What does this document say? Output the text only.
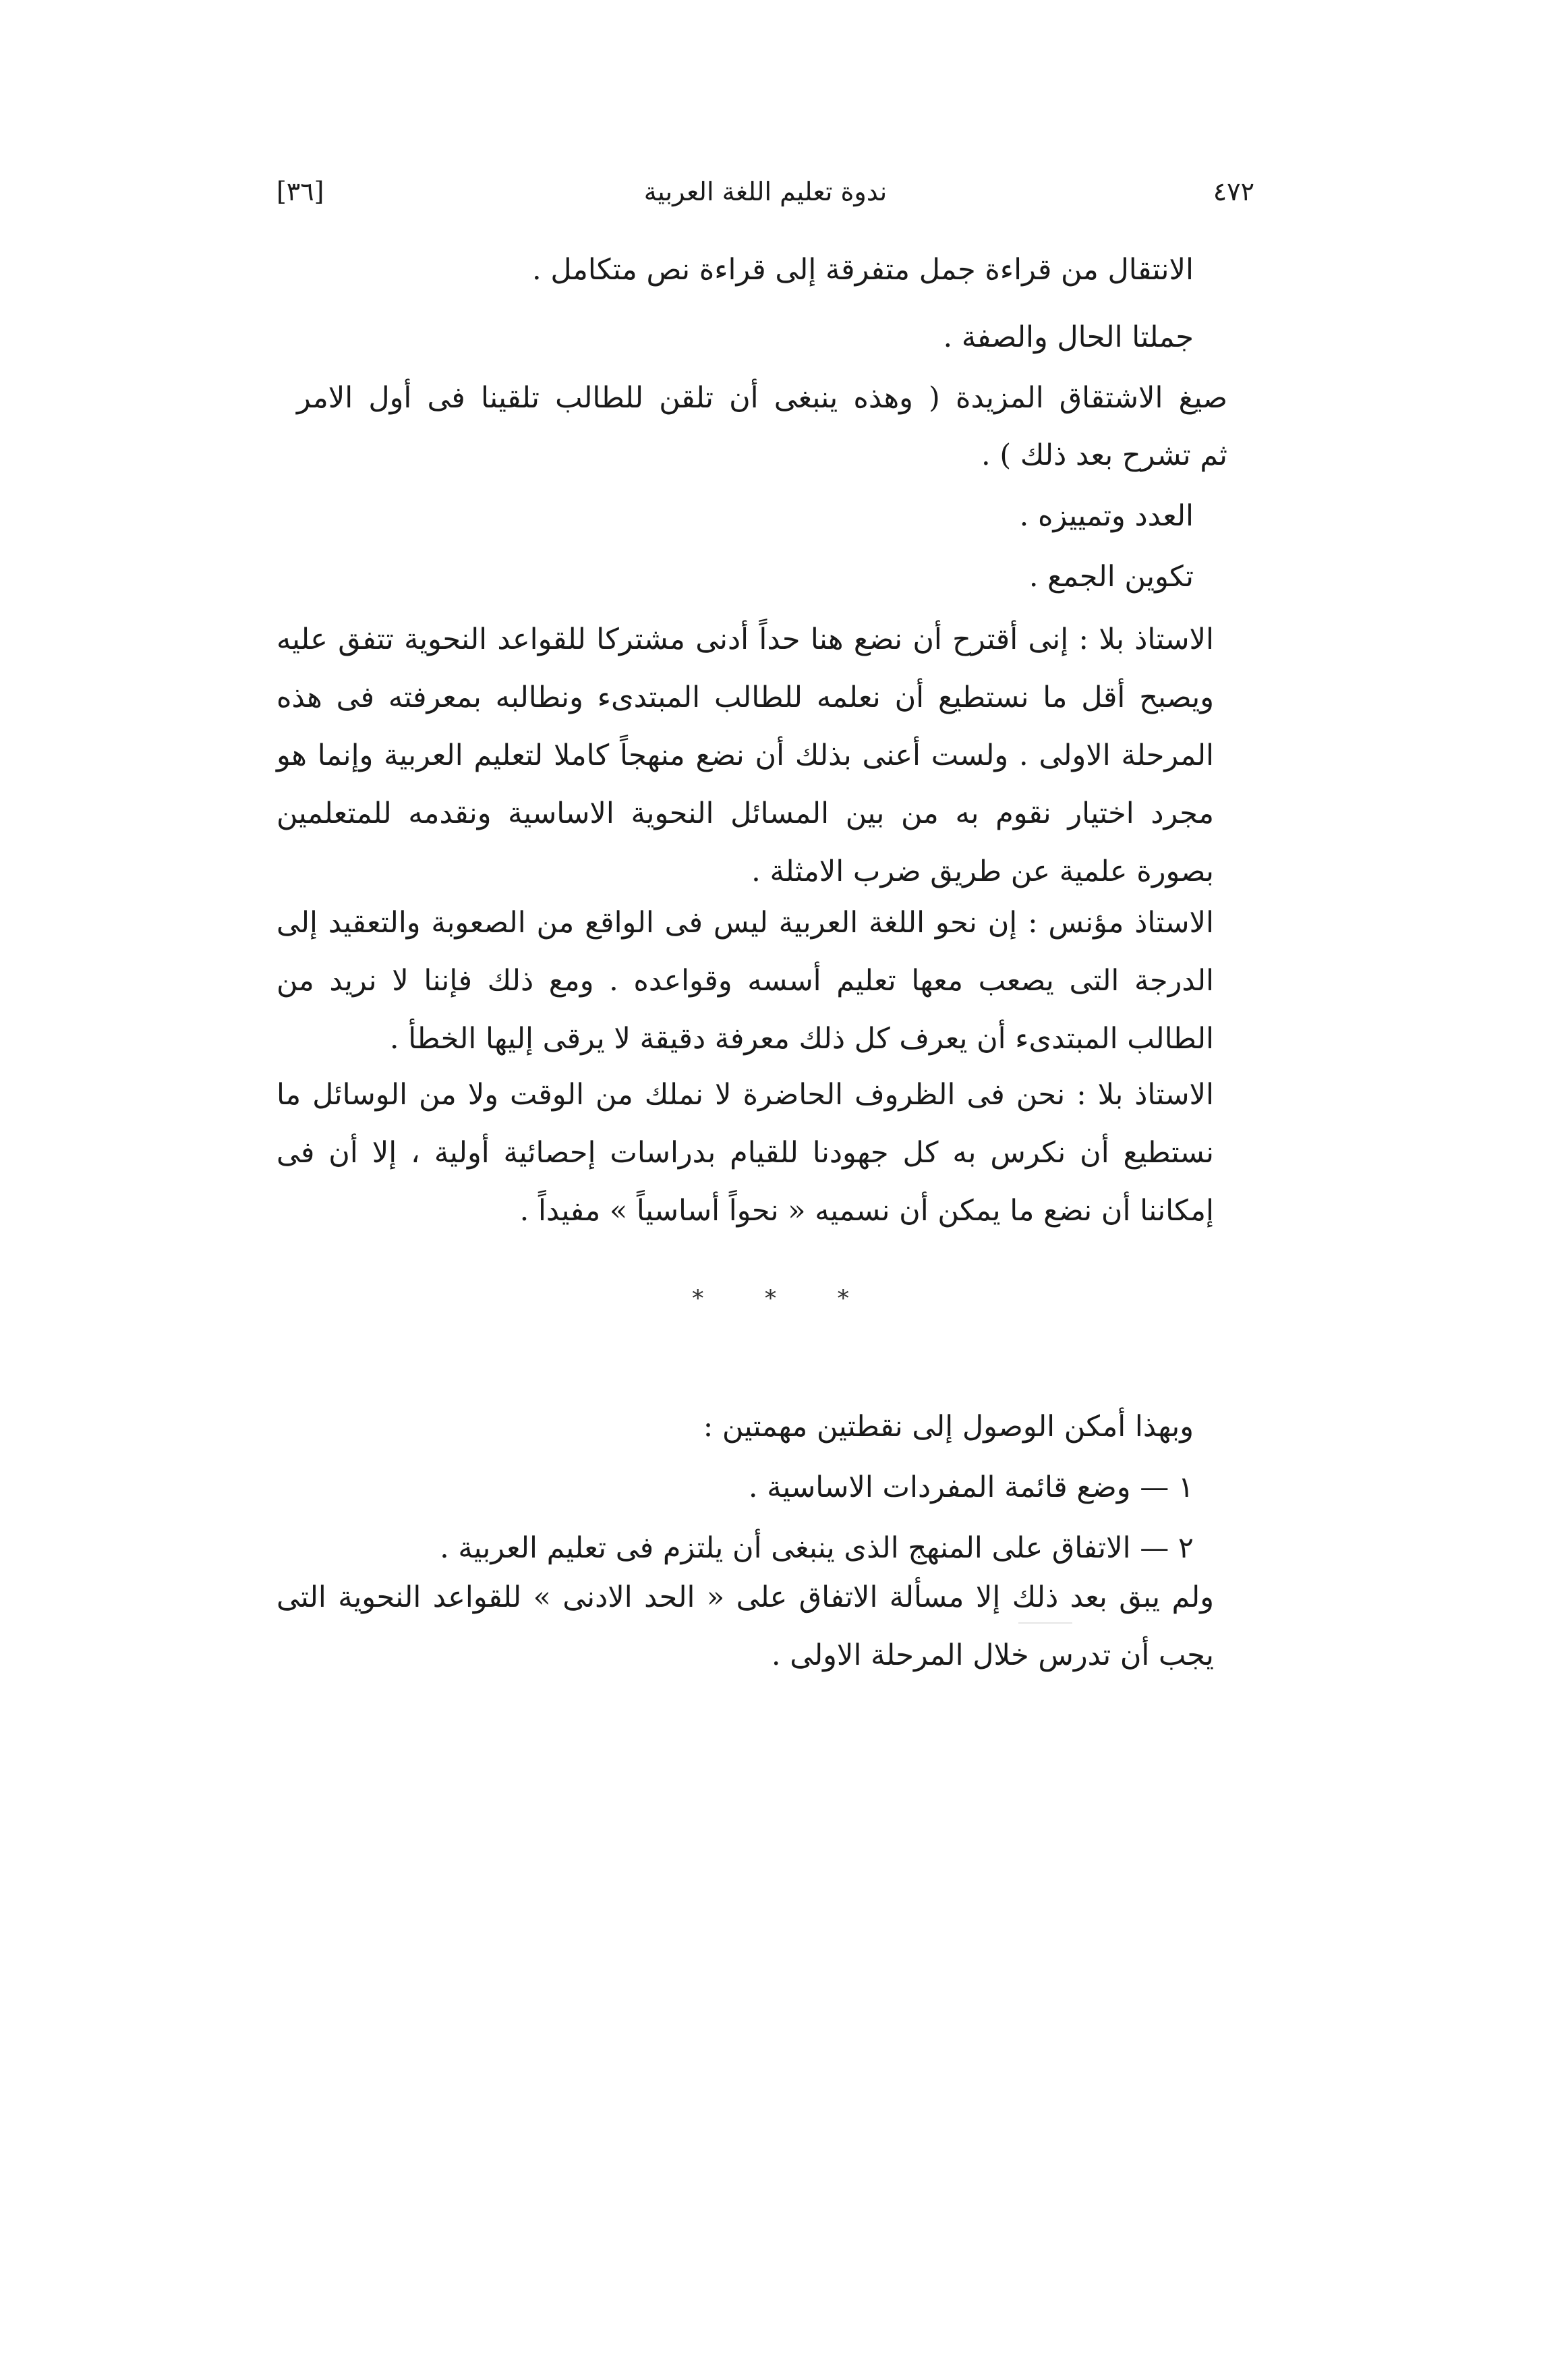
[٣٦]	ندوة تعليم اللغة العربية	٤٧٢
الانتقال من قراءة جمل متفرقة إلى قراءة نص متكامل .
جملتا الحال والصفة .
صيغ الاشتقاق المزيدة ( وهذه ينبغى أن تلقن للطالب تلقينا فى أول الامر
ثم تشرح بعد ذلك ) .
العدد وتمييزه .
تكوين الجمع .
الاستاذ بلا : إنى أقترح أن نضع هنا حداً أدنى مشتركا للقواعد النحوية تتفق عليه ويصبح أقل ما نستطيع أن نعلمه للطالب المبتدىء ونطالبه بمعرفته فى هذه المرحلة الاولى . ولست أعنى بذلك أن نضع منهجاً كاملا لتعليم العربية وإنما هو مجرد اختيار نقوم به من بين المسائل النحوية الاساسية ونقدمه للمتعلمين بصورة علمية عن طريق ضرب الامثلة .
الاستاذ مؤنس : إن نحو اللغة العربية ليس فى الواقع من الصعوبة والتعقيد إلى الدرجة التى يصعب معها تعليم أسسه وقواعده . ومع ذلك فإننا لا نريد من الطالب المبتدىء أن يعرف كل ذلك معرفة دقيقة لا يرقى إليها الخطأ .
الاستاذ بلا : نحن فى الظروف الحاضرة لا نملك من الوقت ولا من الوسائل ما نستطيع أن نكرس به كل جهودنا للقيام بدراسات إحصائية أولية ، إلا أن فى إمكاننا أن نضع ما يمكن أن نسميه « نحواً أساسياً » مفيداً .
* * *
وبهذا أمكن الوصول إلى نقطتين مهمتين :
١ — وضع قائمة المفردات الاساسية .
٢ — الاتفاق على المنهج الذى ينبغى أن يلتزم فى تعليم العربية .
ولم يبق بعد ذلك إلا مسألة الاتفاق على « الحد الادنى » للقواعد النحوية التى يجب أن تدرس خلال المرحلة الاولى .
